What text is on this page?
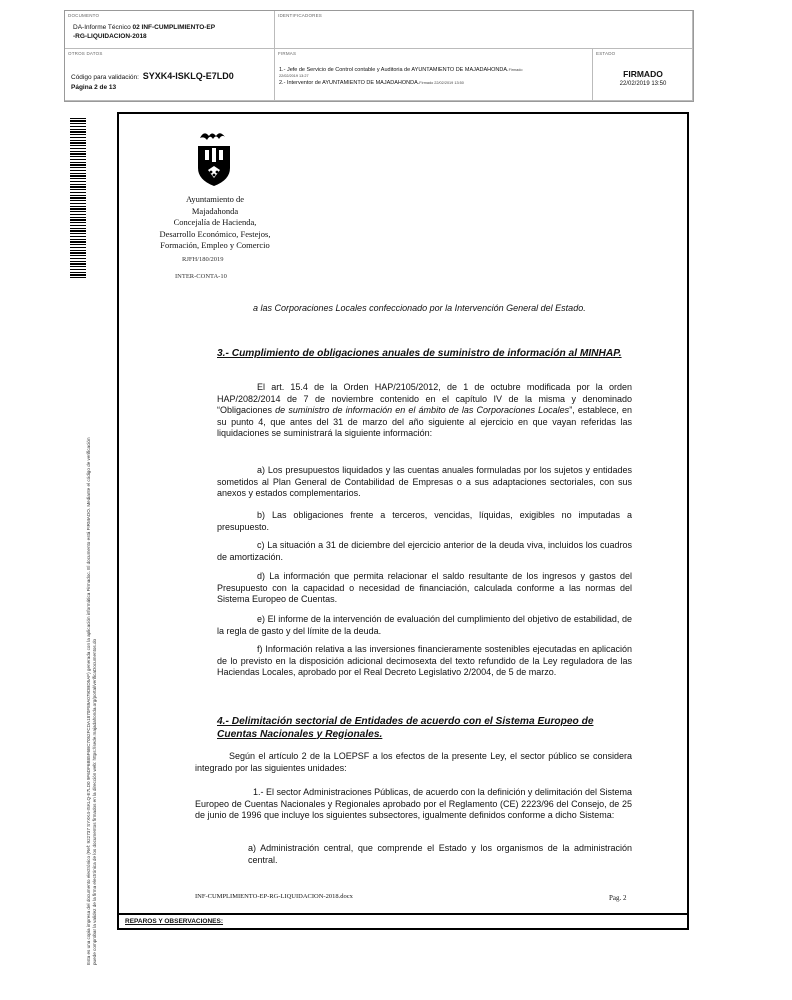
DOCUMENTO
DA-Informe Técnico 02 INF-CUMPLIMIENTO-EP
-RG-LIQUIDACION-2018
IDENTIFICADORES
OTROS DATOS	FIRMAS
1.- Jefe de Servicio de Control contable y Auditoria de AYUNTAMIENTO DE MAJADAHONDA.Firmado
22/02/2019 13:27
2.- Interventor de AYUNTAMIENTO DE MAJADAHONDA.Firmado 22/02/2019 13:50
ESTADO
Código para validación: SYXK4-ISKLQ-E7LD0
Página 2 de 13
FIRMADO
22/02/2019 13:50
Esta es una copia impresa del documento electrónico (Ref: 922737 SYXK4-ISKLQ-E7LD0 9F6DF6B85F6BC7052FCDA1870F89A079DBD5AF) generada con la aplicación informática Firmadoc. El documento está FIRMADO. Mediante el código de verificación puede comprobar la validez de la firma electrónica de los documentos firmados en la dirección web: https://sede.majadahonda.org/portal/verificaDocumentos.do
Ayuntamiento de
Majadahonda
Concejalía de Hacienda,
Desarrollo Económico, Festejos,
Formación, Empleo y Comercio
RJFH/180/2019
INTER-CONTA-10
a las Corporaciones Locales confeccionado por la Intervención General del Estado.
3.- Cumplimiento de obligaciones anuales de suministro de información al MINHAP.
El art. 15.4 de la Orden HAP/2105/2012, de 1 de octubre modificada por la orden HAP/2082/2014 de 7 de noviembre contenido en el capítulo IV de la misma y denominado “Obligaciones de suministro de información en el ámbito de las Corporaciones Locales”, establece, en su punto 4, que antes del 31 de marzo del año siguiente al ejercicio en que vayan referidas las liquidaciones se suministrará la siguiente información:
a) Los presupuestos liquidados y las cuentas anuales formuladas por los sujetos y entidades sometidos al Plan General de Contabilidad de Empresas o a sus adaptaciones sectoriales, con sus anexos y estados complementarios.
b) Las obligaciones frente a terceros, vencidas, líquidas, exigibles no imputadas a presupuesto.
c) La situación a 31 de diciembre del ejercicio anterior de la deuda viva, incluidos los cuadros de amortización.
d) La información que permita relacionar el saldo resultante de los ingresos y gastos del Presupuesto con la capacidad o necesidad de financiación, calculada conforme a las normas del Sistema Europeo de Cuentas.
e) El informe de la intervención de evaluación del cumplimiento del objetivo de estabilidad, de la regla de gasto y del límite de la deuda.
f) Información relativa a las inversiones financieramente sostenibles ejecutadas en aplicación de lo previsto en la disposición adicional decimosexta del texto refundido de la Ley reguladora de las Haciendas Locales, aprobado por el Real Decreto Legislativo 2/2004, de 5 de marzo.
4.- Delimitación sectorial de Entidades de acuerdo con el Sistema Europeo de Cuentas Nacionales y Regionales.
Según el artículo 2 de la LOEPSF a los efectos de la presente Ley, el sector público se considera integrado por las siguientes unidades:
1.- El sector Administraciones Públicas, de acuerdo con la definición y delimitación del Sistema Europeo de Cuentas Nacionales y Regionales aprobado por el Reglamento (CE) 2223/96 del Consejo, de 25 de junio de 1996 que incluye los siguientes subsectores, igualmente definidos conforme a dicho Sistema:
a) Administración central, que comprende el Estado y los organismos de la administración central.
INF-CUMPLIMIENTO-EP-RG-LIQUIDACION-2018.docx	Pag. 2
REPAROS Y OBSERVACIONES:
